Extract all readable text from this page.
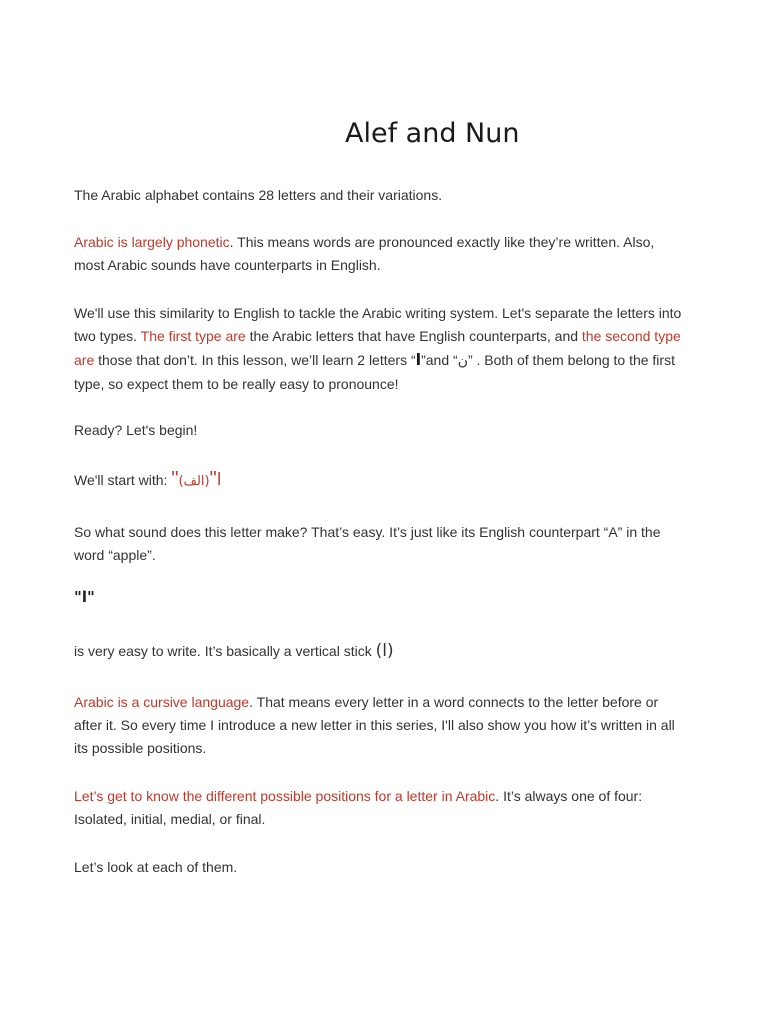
Alef and Nun

The Arabic alphabet contains 28 letters and their variations.

Arabic is largely phonetic. This means words are pronounced exactly like they’re written. Also, most Arabic sounds have counterparts in English.

We'll use this similarity to English to tackle the Arabic writing system. Let's separate the letters into two types. The first type are the Arabic letters that have English counterparts, and the second type are those that don’t. In this lesson, we’ll learn 2 letters “ا”and “ن” . Both of them belong to the first type, so expect them to be really easy to pronounce!

Ready? Let's begin!

We'll start with: "(الف)"ا

So what sound does this letter make? That’s easy. It’s just like its English counterpart “A” in the word “apple”.

"ا"

is very easy to write. It’s basically a vertical stick (ا)

Arabic is a cursive language. That means every letter in a word connects to the letter before or after it. So every time I introduce a new letter in this series, I'll also show you how it’s written in all its possible positions.

Let’s get to know the different possible positions for a letter in Arabic. It’s always one of four: Isolated, initial, medial, or final.

Let’s look at each of them.
